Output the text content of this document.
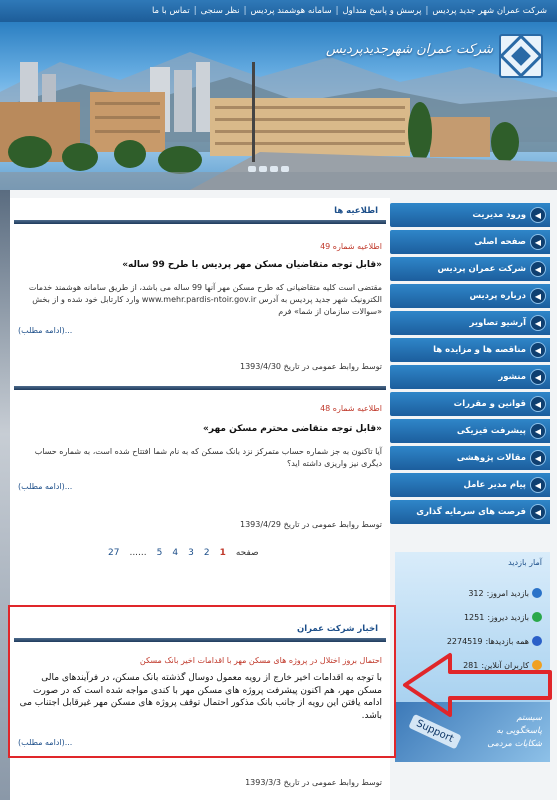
شرکت عمران شهر جدید پردیس
|
پرسش و پاسخ متداول
|
سامانه هوشمند پردیس
|
نظر سنجی
|
تماس با ما
شرکت عمران شهرجدیدپردیس
اطلاعیه ها
اطلاعیه شماره 49
«قابل توجه متقاضیان مسکن مهر پردیس با طرح 99 ساله»
مقتضی است کلیه متقاضیانی که طرح مسکن مهر آنها 99 ساله می باشد، از طریق سامانه هوشمند خدمات الکترونیک شهر جدید پردیس به آدرس www.mehr.pardis-ntoir.gov.ir وارد کارتابل خود شده و از بخش «سوالات سازمان از شما» فرم
...(ادامه مطلب)
توسط روابط عمومی در تاریخ 1393/4/30
اطلاعیه شماره 48
«قابل توجه متقاضی محترم مسکن مهر»
آیا تاکنون به جز شماره حساب متمرکز نزد بانک مسکن که به نام شما افتتاح شده است، به شماره حساب دیگری نیز واریزی داشته اید؟
...(ادامه مطلب)
توسط روابط عمومی در تاریخ 1393/4/29
اخبار شرکت عمران
احتمال بروز اختلال در پروژه های مسکن مهر با اقدامات اخیر بانک مسکن
با توجه به اقدامات اخیر خارج از رویه معمول دوسال گذشته بانک مسکن، در فرآیندهای مالی مسکن مهر، هم اکنون پیشرفت پروژه های مسکن مهر با کندی مواجه شده است که در صورت ادامه یافتن این رویه از جانب بانک مذکور احتمال توقف پروژه های مسکن مهر غیرقابل اجتناب می باشد.
...(ادامه مطلب)
توسط روابط عمومی در تاریخ 1393/3/3
صفحه
1
2
3
4
5
......
27
◀
ورود مدیریت
◀
صفحه اصلی
◀
شرکت عمران پردیس
◀
درباره پردیس
◀
آرشیو تصاویر
◀
مناقصه ها و مزایده ها
◀
منشور
◀
قوانین و مقررات
◀
پیشرفت فیزیکی
◀
مقالات پژوهشی
◀
پیام مدیر عامل
◀
فرصت های سرمایه گذاری
آمار بازدید
بازدید امروز:
312
بازدید دیروز:
1251
همه بازدیدها:
2274519
کاربران آنلاین:
281
سیستم پاسخگویی به شکایات مردمی
Support
